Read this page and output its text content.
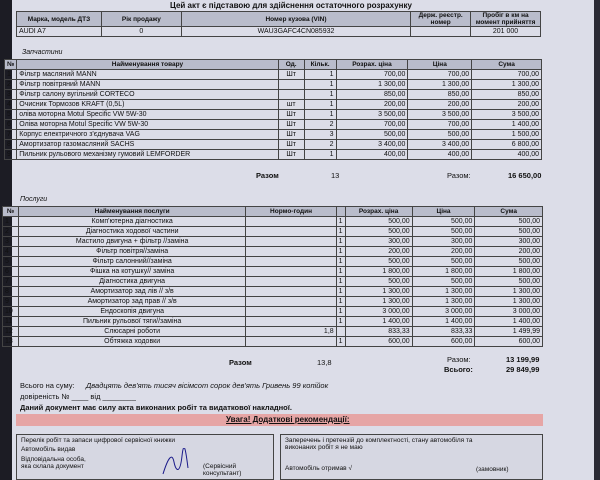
Цей акт є підставою для здійснення остаточного розрахунку
Марка, модель ДТЗ	Рік продажу	Номер кузова (VIN)	Держ. реєстр. номер	Пробіг в км на момент прийняття
AUDI A7	0	WAU3GAFC4CN085932		201 000
Запчастини
№	Найменування товару	Од.	Кільк.	Розрах. ціна	Ціна	Сума
1	Фільтр масляний MANN	Шт	1	700,00	700,00	700,00
2	Фільтр повітряний MANN		1	1 300,00	1 300,00	1 300,00
3	Фільтр салону вугільний CORTECO		1	850,00	850,00	850,00
4	Очисник Тормозов KRAFT (0,5L)	шт	1	200,00	200,00	200,00
5	оліва моторна Motul Specific VW 5W-30	Шт	1	3 500,00	3 500,00	3 500,00
6	Оліва моторна Motul Specific VW 5W-30	Шт	2	700,00	700,00	1 400,00
7	Корпус електричного з'єднувача VAG	Шт	3	500,00	500,00	1 500,00
8	Амортизатор газомасляний SACHS	Шт	2	3 400,00	3 400,00	6 800,00
9	Пильник рульового механізму гумовий LEMFORDER	Шт	1	400,00	400,00	400,00
Разом	13	Разом:	16 650,00
Послуги
№	Найменування послуги	Нормо-годин		Розрах. ціна	Ціна	Сума
1	Комп'ютерна діагностика		1	500,00	500,00	500,00
2	Діагностика ходової частини		1	500,00	500,00	500,00
3	Мастило двигуна + фільтр //заміна		1	300,00	300,00	300,00
4	Фільтр повітря//заміна		1	200,00	200,00	200,00
5	Фільтр салонний//заміна		1	500,00	500,00	500,00
6	Фішка на котушку// заміна		1	1 800,00	1 800,00	1 800,00
7	Діагностика двигуна		1	500,00	500,00	500,00
8	Амортизатор зад лів // з/в		1	1 300,00	1 300,00	1 300,00
9	Амортизатор зад прав // з/в		1	1 300,00	1 300,00	1 300,00
10	Ендоскопія двигуна		1	3 000,00	3 000,00	3 000,00
11	Пильник рульової тяги//заміна		1	1 400,00	1 400,00	1 400,00
12	Слюсарні роботи	1,8		833,33	833,33	1 499,99
13	Обтяжка ходовки		1	600,00	600,00	600,00
Разом	13,8	Разом:	13 199,99
Всього:	29 849,99
Всього на суму: Двадцять дев'ять тисяч вісімсот сорок дев'ять Гривень 99 копійок
довіреність № ____ від ________
Даний документ має силу акта виконаних робіт та видаткової накладної.
Увага! Додаткові рекомендації:
Перелік робіт та запаси цифрової сервісної книжки
Автомобіль видав
Відповідальна особа,
яка склала документ	(Сервісний консультант)
Заперечень і претензій до комплектності, стану автомобіля та
виконаних робіт я не маю
Автомобіль отримав √	(замовник)
